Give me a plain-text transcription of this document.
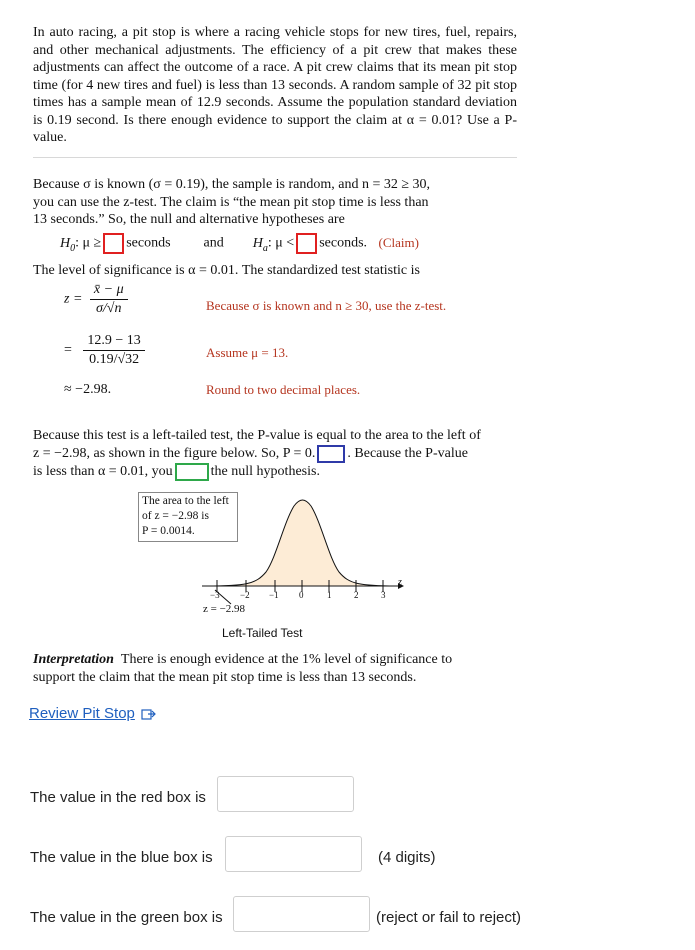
In auto racing, a pit stop is where a racing vehicle stops for new tires, fuel, repairs, and other mechanical adjustments. The efficiency of a pit crew that makes these adjustments can affect the outcome of a race. A pit crew claims that its mean pit stop time (for 4 new tires and fuel) is less than 13 seconds. A random sample of 32 pit stop times has a sample mean of 12.9 seconds. Assume the population standard deviation is 0.19 second. Is there enough evidence to support the claim at α = 0.01? Use a P-value.
Because σ is known (σ = 0.19), the sample is random, and n = 32 ≥ 30,
you can use the z-test. The claim is “the mean pit stop time is less than
13 seconds.” So, the null and alternative hypotheses are
$H_0$: μ ≥ seconds and $H_a$: μ < seconds. (Claim)
The level of significance is α = 0.01. The standardized test statistic is
$z = \frac{x̄ - \mu}{\sigma/√n}$	Because σ is known and n ≥ 30, use the z-test.
= $\frac{12.9 - 13}{0.19/√32}$	Assume μ = 13.
≈ −2.98.	Round to two decimal places.
Because this test is a left-tailed test, the P-value is equal to the area to the left of
z = −2.98, as shown in the figure below. So, P = 0. . Because the P-value
is less than α = 0.01, you	the null hypothesis.
The area to the left
of z = −2.98 is
P = 0.0014.
−3 −2 −1 0	1	2	3
z
z = −2.98
Left-Tailed Test
Interpretation There is enough evidence at the 1% level of significance to
support the claim that the mean pit stop time is less than 13 seconds.
Review Pit Stop
The value in the red box is
The value in the blue box is	(4 digits)
The value in the green box is	(reject or fail to reject)
